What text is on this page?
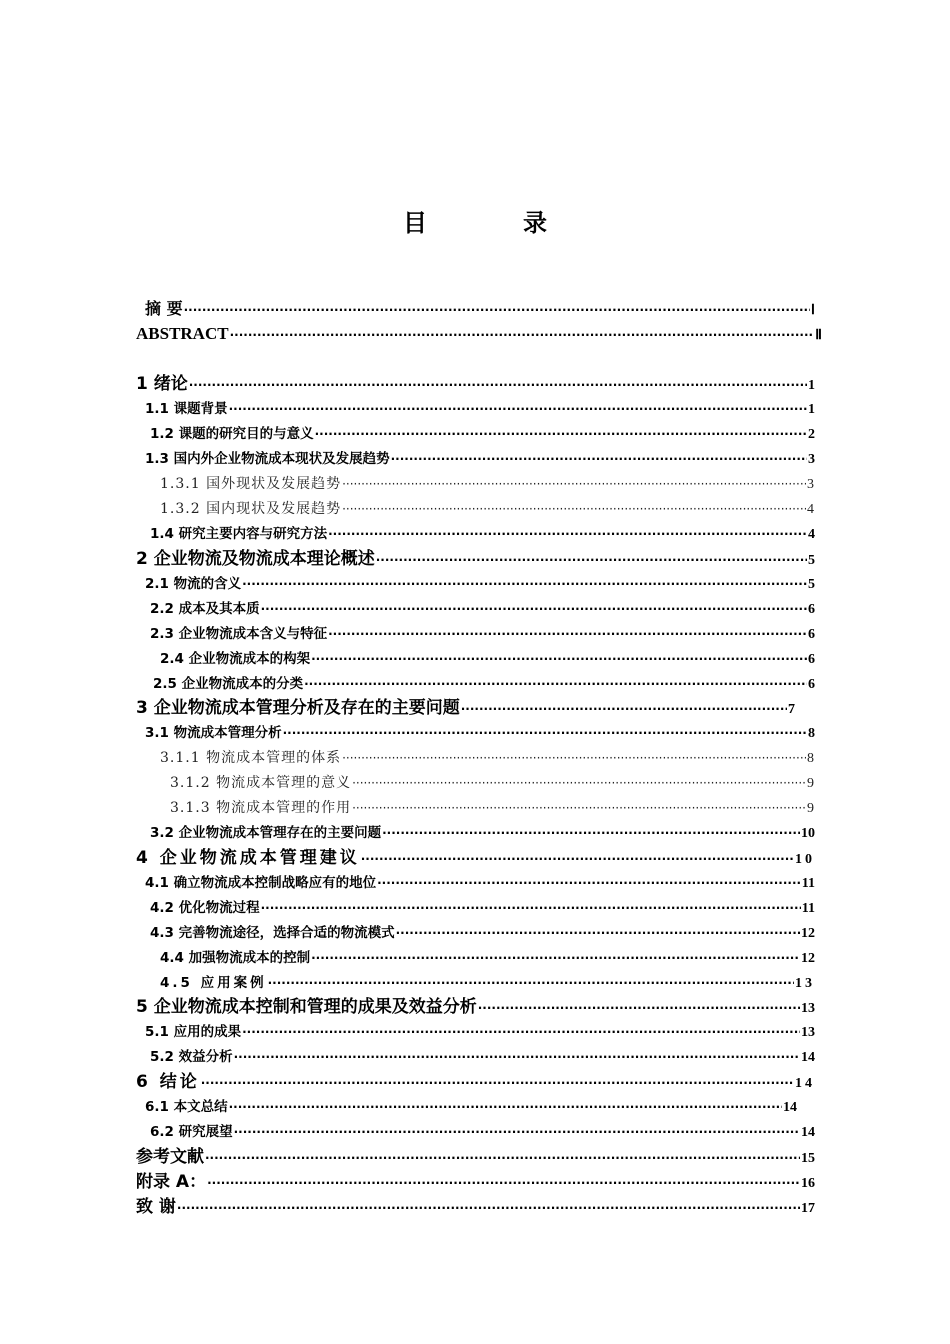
目　录
摘 要 ·····	Ⅰ
ABSTRACT ·····	Ⅱ
1 绪论 ·····	1
1.1 课题背景 ·····	1
1.2 课题的研究目的与意义 ·····	2
1.3 国内外企业物流成本现状及发展趋势 ·····	3
1.3.1 国外现状及发展趋势 ·····	3
1.3.2 国内现状及发展趋势 ·····	4
1.4 研究主要内容与研究方法 ·····	4
2 企业物流及物流成本理论概述 ·····	5
2.1 物流的含义 ·····	5
2.2 成本及其本质 ·····	6
2.3 企业物流成本含义与特征 ·····	6
2.4 企业物流成本的构架 ·····	6
2.5 企业物流成本的分类 ·····	6
3 企业物流成本管理分析及存在的主要问题 ·····	7
3.1 物流成本管理分析 ·····	8
3.1.1 物流成本管理的体系 ·····	8
3.1.2 物流成本管理的意义 ·····	9
3.1.3 物流成本管理的作用 ·····	9
3.2 企业物流成本管理存在的主要问题 ·····	10
4 企业物流成本管理建议 ·····	10
4.1 确立物流成本控制战略应有的地位 ·····	11
4.2 优化物流过程 ·····	11
4.3 完善物流途径，选择合适的物流模式 ·····	12
4.4 加强物流成本的控制 ·····	12
4.5 应用案例 ·····	13
5 企业物流成本控制和管理的成果及效益分析 ·····	13
5.1 应用的成果 ·····	13
5.2 效益分析 ·····	14
6 结论 ·····	14
6.1 本文总结 ·····	14
6.2 研究展望 ·····	14
参考文献 ·····	15
附录 A： ·····	16
致 谢 ·····	17
